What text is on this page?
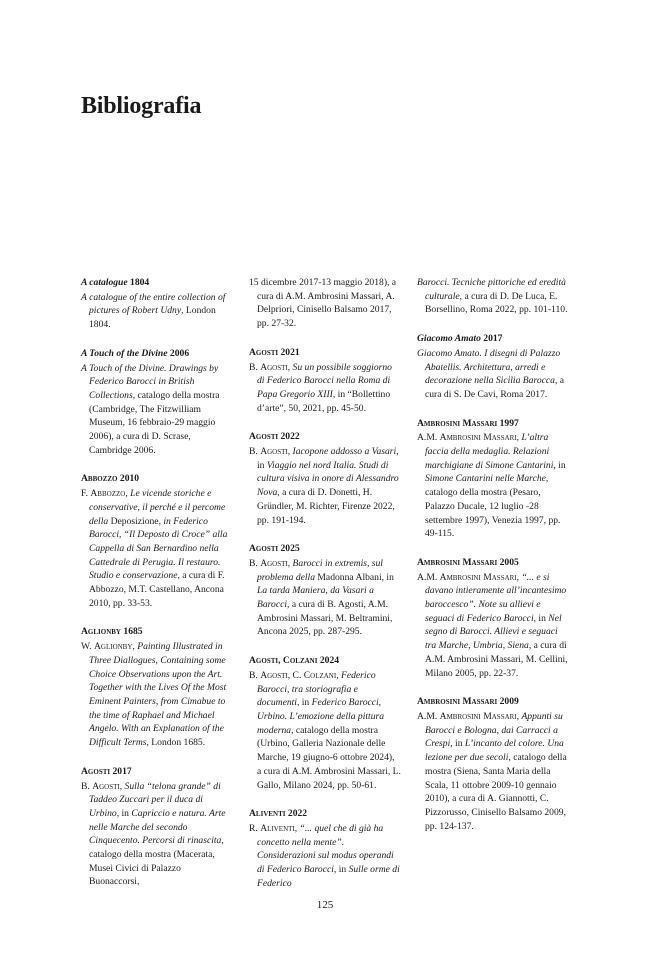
Bibliografia
A catalogue 1804
A catalogue of the entire collection of pictures of Robert Udny, London 1804.
A Touch of the Divine 2006
A Touch of the Divine. Drawings by Federico Barocci in British Collections, catalogo della mostra (Cambridge, The Fitzwilliam Museum, 16 febbraio-29 maggio 2006), a cura di D. Scrase, Cambridge 2006.
Abbozzo 2010
F. Abbozzo, Le vicende storiche e conservative, il perché e il percome della Deposizione, in Federico Barocci, “Il Deposto di Croce” alla Cappella di San Bernardino nella Cattedrale di Perugia. Il restauro. Studio e conservazione, a cura di F. Abbozzo, M.T. Castellano, Ancona 2010, pp. 33-53.
Aglionby 1685
W. Aglionby, Painting Illustrated in Three Diallogues, Containing some Choice Observations upon the Art. Together with the Lives Of the Most Eminent Painters, from Cimabue to the time of Raphael and Michael Angelo. With an Explanation of the Difficult Terms, London 1685.
Agosti 2017
B. Agosti, Sulla “telona grande” di Taddeo Zuccari per il duca di Urbino, in Capriccio e natura. Arte nelle Marche del secondo Cinquecento. Percorsi di rinascita, catalogo della mostra (Macerata, Musei Civici di Palazzo Buonaccorsi,
15 dicembre 2017-13 maggio 2018), a cura di A.M. Ambrosini Massari, A. Delpriori, Cinisello Balsamo 2017, pp. 27-32.
Agosti 2021
B. Agosti, Su un possibile soggiorno di Federico Barocci nella Roma di Papa Gregorio XIII, in “Bollettino d’arte”, 50, 2021, pp. 45-50.
Agosti 2022
B. Agosti, Iacopone addosso a Vasari, in Viaggio nel nord Italia. Studi di cultura visiva in onore di Alessandro Nova, a cura di D. Donetti, H. Gründler, M. Richter, Firenze 2022, pp. 191-194.
Agosti 2025
B. Agosti, Barocci in extremis, sul problema della Madonna Albani, in La tarda Maniera, da Vasari a Barocci, a cura di B. Agosti, A.M. Ambrosini Massari, M. Beltramini, Ancona 2025, pp. 287-295.
Agosti, Colzani 2024
B. Agosti, C. Colzani, Federico Barocci, tra storiografia e documenti, in Federico Barocci, Urbino. L’emozione della pittura moderna, catalogo della mostra (Urbino, Galleria Nazionale delle Marche, 19 giugno-6 ottobre 2024), a cura di A.M. Ambrosini Massari, L. Gallo, Milano 2024, pp. 50-61.
Aliventi 2022
R. Aliventi, “... quel che di già ha concetto nella mente”. Considerazioni sul modus operandi di Federico Barocci, in Sulle orme di Federico
Barocci. Tecniche pittoriche ed eredità culturale, a cura di D. De Luca, E. Borsellino, Roma 2022, pp. 101-110.
Giacomo Amato 2017
Giacomo Amato. I disegni di Palazzo Abatellis. Architettura, arredi e decorazione nella Sicilia Barocca, a cura di S. De Cavi, Roma 2017.
Ambrosini Massari 1997
A.M. Ambrosini Massari, L’altra faccia della medaglia. Relazioni marchigiane di Simone Cantarini, in Simone Cantarini nelle Marche, catalogo della mostra (Pesaro, Palazzo Ducale, 12 luglio -28 settembre 1997), Venezia 1997, pp. 49-115.
Ambrosini Massari 2005
A.M. Ambrosini Massari, “... e si davano intieramente all’incantesimo baroccesco”. Note su allievi e seguaci di Federico Barocci, in Nel segno di Barocci. Allievi e seguaci tra Marche, Umbria, Siena, a cura di A.M. Ambrosini Massari, M. Cellini, Milano 2005, pp. 22-37.
Ambrosini Massari 2009
A.M. Ambrosini Massari, Appunti su Barocci e Bologna, dai Carracci a Crespi, in L’incanto del colore. Una lezione per due secoli, catalogo della mostra (Siena, Santa Maria della Scala, 11 ottobre 2009-10 gennaio 2010), a cura di A. Giannotti, C. Pizzorusso, Cinisello Balsamo 2009, pp. 124-137.
125
